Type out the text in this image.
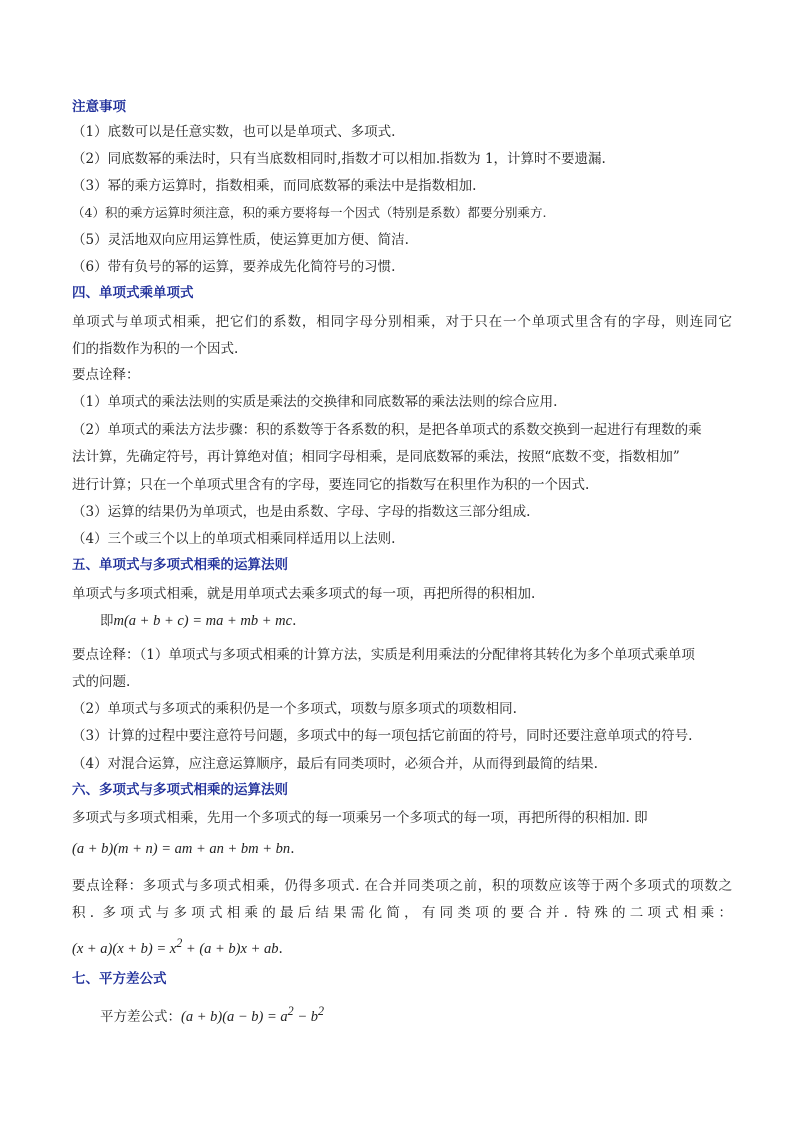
注意事项
（1）底数可以是任意实数，也可以是单项式、多项式.
（2）同底数幂的乘法时，只有当底数相同时,指数才可以相加.指数为 1，计算时不要遗漏.
（3）幂的乘方运算时，指数相乘，而同底数幂的乘法中是指数相加.
（4）积的乘方运算时须注意，积的乘方要将每一个因式（特别是系数）都要分别乘方.
（5）灵活地双向应用运算性质，使运算更加方便、简洁.
（6）带有负号的幂的运算，要养成先化简符号的习惯.
四、单项式乘单项式
单项式与单项式相乘，把它们的系数，相同字母分别相乘，对于只在一个单项式里含有的字母，则连同它
们的指数作为积的一个因式.
要点诠释：
（1）单项式的乘法法则的实质是乘法的交换律和同底数幂的乘法法则的综合应用.
（2）单项式的乘法方法步骤：积的系数等于各系数的积，是把各单项式的系数交换到一起进行有理数的乘
法计算，先确定符号，再计算绝对值；相同字母相乘，是同底数幂的乘法，按照“底数不变，指数相加”
进行计算；只在一个单项式里含有的字母，要连同它的指数写在积里作为积的一个因式.
（3）运算的结果仍为单项式，也是由系数、字母、字母的指数这三部分组成.
（4）三个或三个以上的单项式相乘同样适用以上法则.
五、单项式与多项式相乘的运算法则
单项式与多项式相乘，就是用单项式去乘多项式的每一项，再把所得的积相加.
即m(a + b + c) = ma + mb + mc.
要点诠释：（1）单项式与多项式相乘的计算方法，实质是利用乘法的分配律将其转化为多个单项式乘单项
式的问题.
（2）单项式与多项式的乘积仍是一个多项式，项数与原多项式的项数相同.
（3）计算的过程中要注意符号问题，多项式中的每一项包括它前面的符号，同时还要注意单项式的符号.
（4）对混合运算，应注意运算顺序，最后有同类项时，必须合并，从而得到最简的结果.
六、多项式与多项式相乘的运算法则
多项式与多项式相乘，先用一个多项式的每一项乘另一个多项式的每一项，再把所得的积相加. 即
(a + b)(m + n) = am + an + bm + bn.
要点诠释：多项式与多项式相乘，仍得多项式. 在合并同类项之前，积的项数应该等于两个多项式的项数之
积. 多项式与多项式相乘的最后结果需化简，有同类项的要合并. 特殊的二项式相乘：
$(x + a)(x + b) = x^2 + (a + b)x$ + ab.
七、平方差公式
平方差公式：$(a + b)(a - b) = a^2 - b^2$
